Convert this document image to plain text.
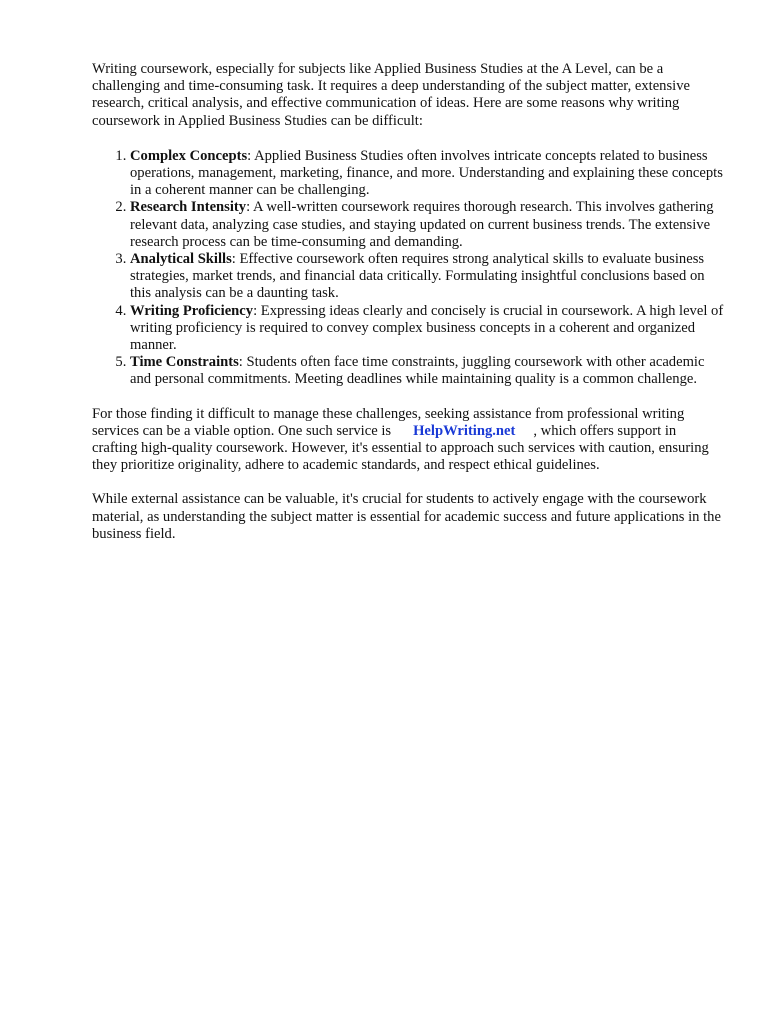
Writing coursework, especially for subjects like Applied Business Studies at the A Level, can be a challenging and time-consuming task. It requires a deep understanding of the subject matter, extensive research, critical analysis, and effective communication of ideas. Here are some reasons why writing coursework in Applied Business Studies can be difficult:

1. Complex Concepts: Applied Business Studies often involves intricate concepts related to business operations, management, marketing, finance, and more. Understanding and explaining these concepts in a coherent manner can be challenging.
2. Research Intensity: A well-written coursework requires thorough research. This involves gathering relevant data, analyzing case studies, and staying updated on current business trends. The extensive research process can be time-consuming and demanding.
3. Analytical Skills: Effective coursework often requires strong analytical skills to evaluate business strategies, market trends, and financial data critically. Formulating insightful conclusions based on this analysis can be a daunting task.
4. Writing Proficiency: Expressing ideas clearly and concisely is crucial in coursework. A high level of writing proficiency is required to convey complex business concepts in a coherent and organized manner.
5. Time Constraints: Students often face time constraints, juggling coursework with other academic and personal commitments. Meeting deadlines while maintaining quality is a common challenge.

For those finding it difficult to manage these challenges, seeking assistance from professional writing services can be a viable option. One such service is HelpWriting.net , which offers support in crafting high-quality coursework. However, it's essential to approach such services with caution, ensuring they prioritize originality, adhere to academic standards, and respect ethical guidelines.

While external assistance can be valuable, it's crucial for students to actively engage with the coursework material, as understanding the subject matter is essential for academic success and future applications in the business field.
